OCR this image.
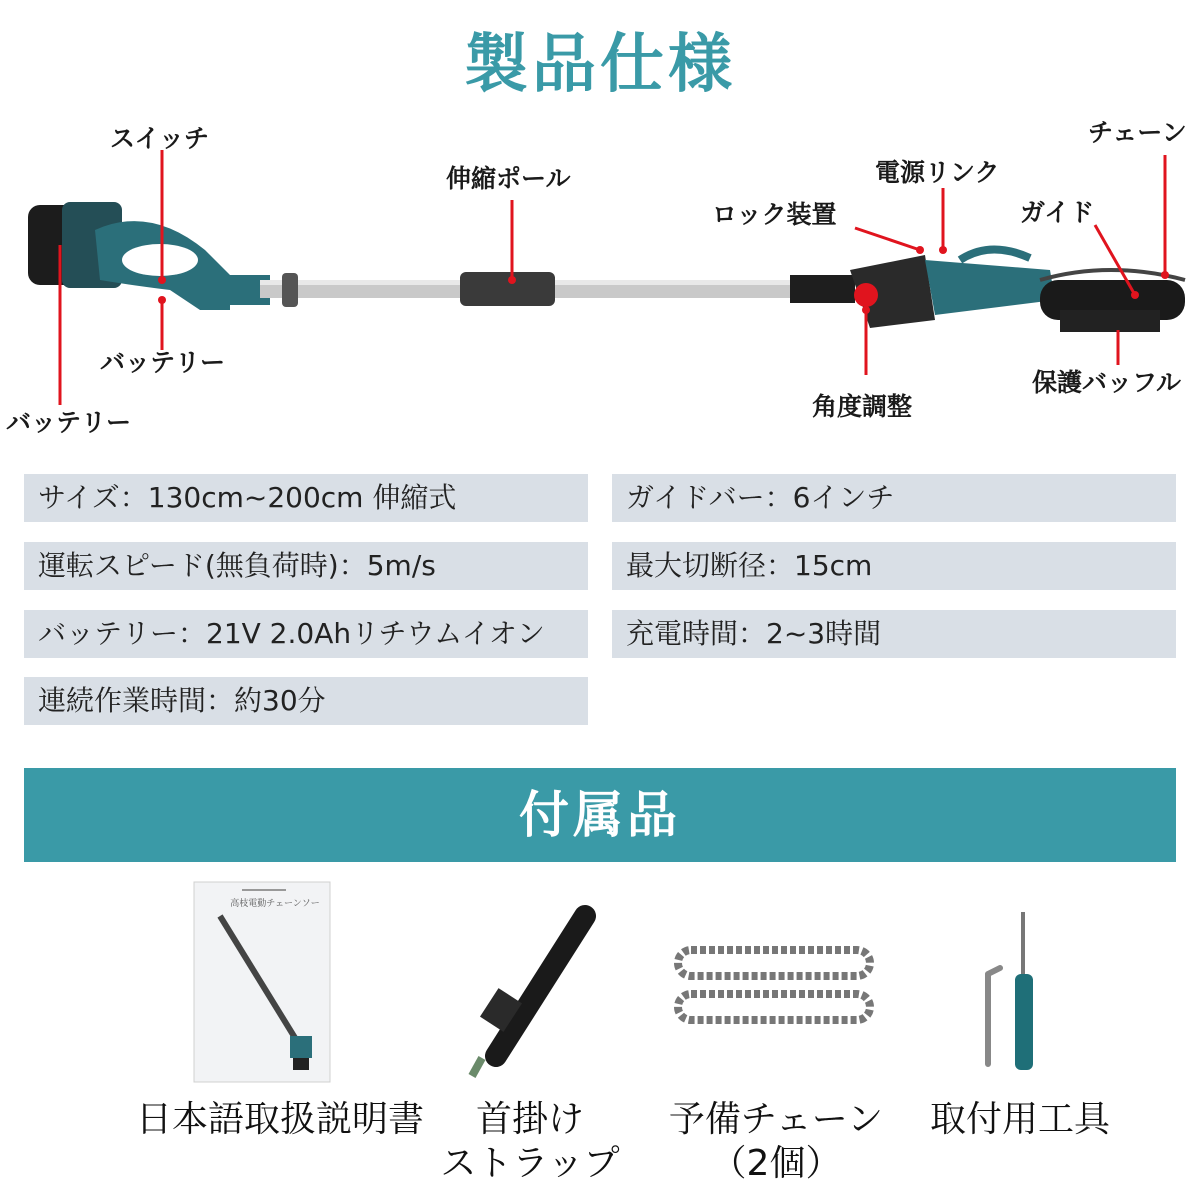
製品仕様
スイッチ
伸縮ポール	電源リンク
チェーン
ロック装置	ガイド
バッテリー
バッテリー
角度調整
保護バッフル
サイズ：130cm~200cm 伸縮式
運転スピード(無負荷時)：5m/s
バッテリー：21V 2.0Ahリチウムイオン
連続作業時間：約30分
ガイドバー：6インチ
最大切断径：15cm
充電時間：2~3時間
付属品
高枝電動チェーンソー
日本語取扱説明書	首掛け
ストラップ
予備チェーン
（2個）
取付用工具
